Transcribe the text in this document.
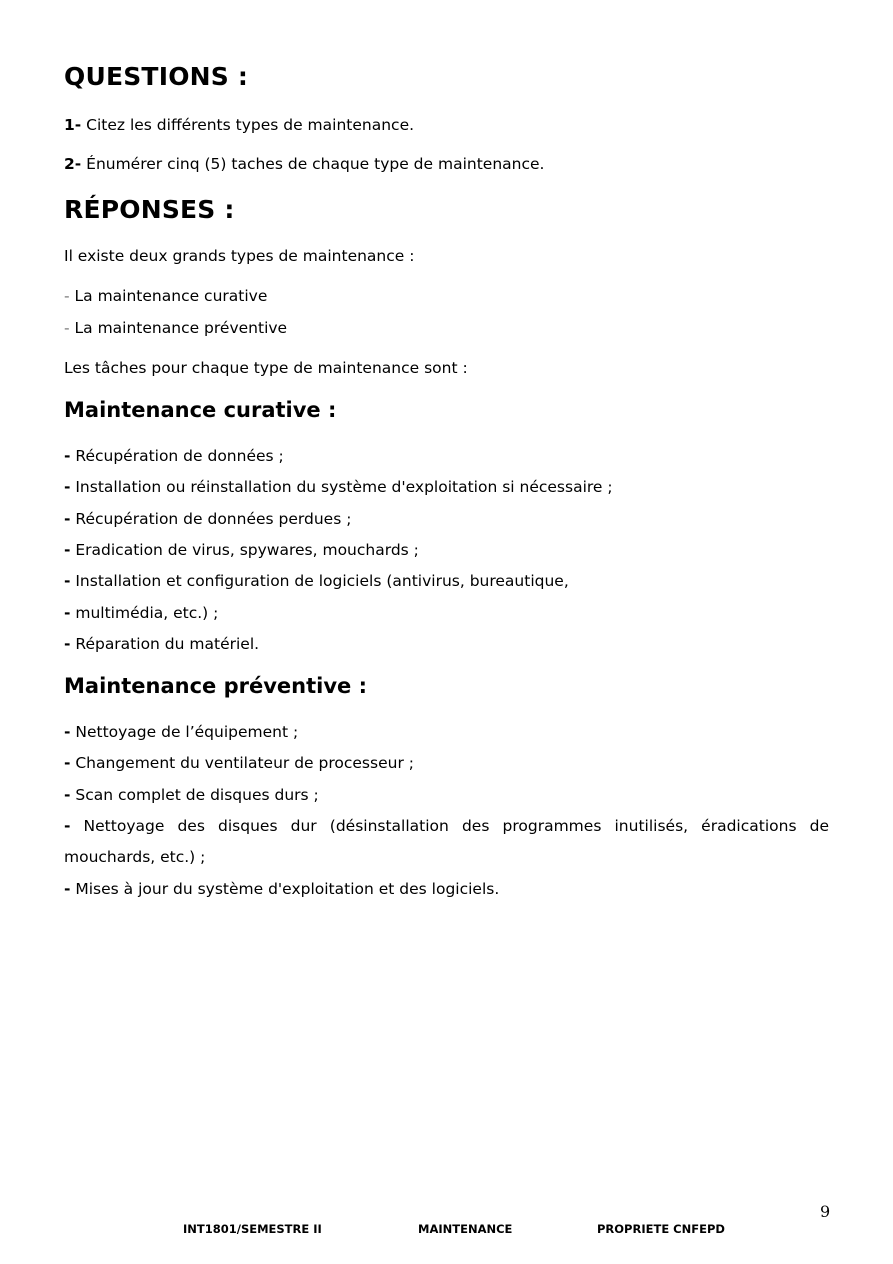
QUESTIONS :

1- Citez les différents types de maintenance.

2- Énumérer cinq (5) taches de chaque type de maintenance.

RÉPONSES :

Il existe deux grands types de maintenance :

- La maintenance curative

- La maintenance préventive

Les tâches pour chaque type de maintenance sont :

Maintenance curative :

- Récupération de données ;

- Installation ou réinstallation du système d'exploitation si nécessaire ;

- Récupération de données perdues ;

- Eradication de virus, spywares, mouchards ;

- Installation et configuration de logiciels (antivirus, bureautique,

- multimédia, etc.) ;

- Réparation du matériel.

Maintenance préventive :

- Nettoyage de l’équipement ;

- Changement du ventilateur de processeur ;

- Scan complet de disques durs ;

- Nettoyage des disques dur (désinstallation des programmes inutilisés, éradications de mouchards, etc.) ;

- Mises à jour du système d'exploitation et des logiciels.

9
INT1801/SEMESTRE II	MAINTENANCE	PROPRIETE CNFEPD
